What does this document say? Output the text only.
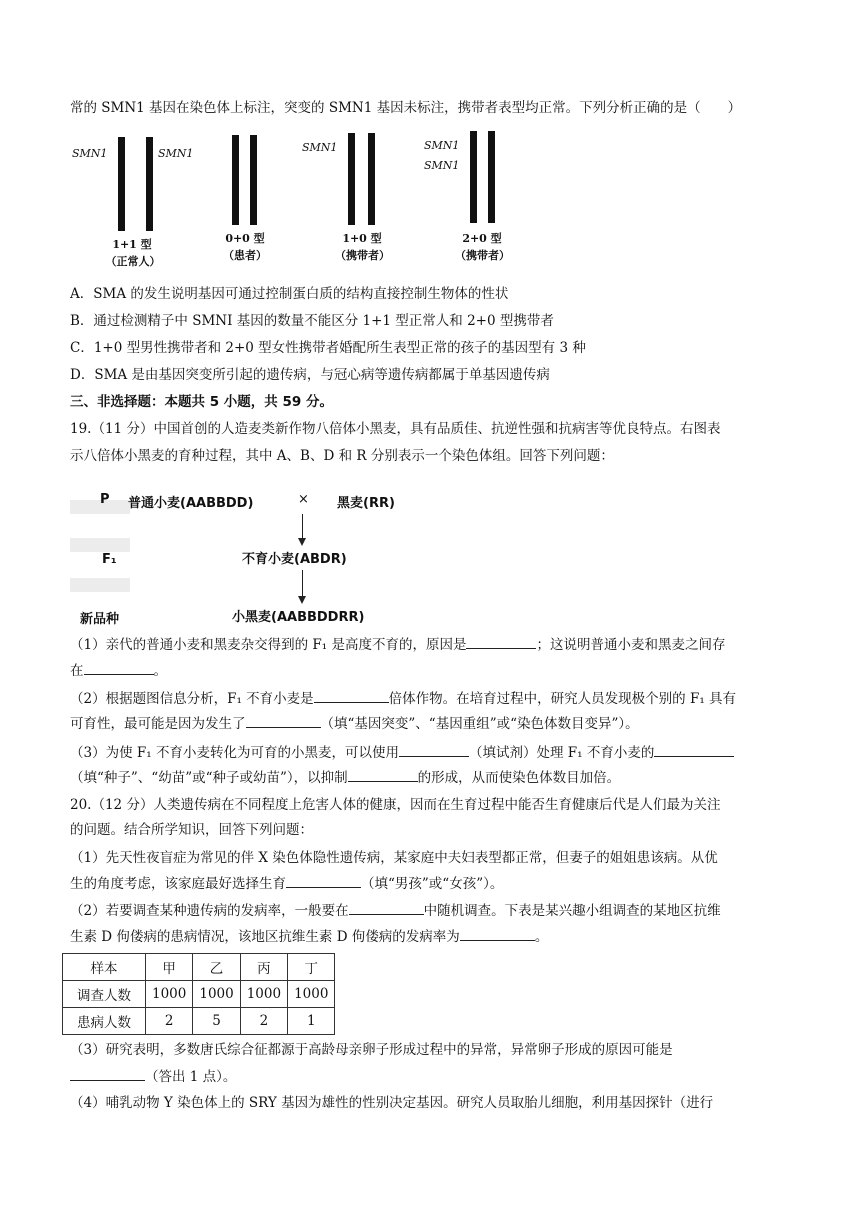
常的 SMN1 基因在染色体上标注，突变的 SMN1 基因未标注，携带者表型均正常。下列分析正确的是（　　）
SMN1	SMN1
1+1 型
（正常人）
0+0 型
（患者）
SMN1
1+0 型
（携带者）
SMN1
SMN1
2+0 型
（携带者）
A．SMA 的发生说明基因可通过控制蛋白质的结构直接控制生物体的性状
B．通过检测精子中 SMNI 基因的数量不能区分 1+1 型正常人和 2+0 型携带者
C．1+0 型男性携带者和 2+0 型女性携带者婚配所生表型正常的孩子的基因型有 3 种
D．SMA 是由基因突变所引起的遗传病，与冠心病等遗传病都属于单基因遗传病
三、非选择题：本题共 5 小题，共 59 分。
19.（11 分）中国首创的人造麦类新作物八倍体小黑麦，具有品质佳、抗逆性强和抗病害等优良特点。右图表
示八倍体小黑麦的育种过程，其中 A、B、D 和 R 分别表示一个染色体组。回答下列问题：
P 普通小麦(AABBDD)	× 黑麦(RR)
F₁	不育小麦(ABDR)
新品种	小黑麦(AABBDDRR)
（1）亲代的普通小麦和黑麦杂交得到的 F₁ 是高度不育的，原因是	；这说明普通小麦和黑麦之间存
在	。
（2）根据题图信息分析，F₁ 不育小麦是	倍体作物。在培育过程中，研究人员发现极个别的 F₁ 具有
可育性，最可能是因为发生了	（填“基因突变”、“基因重组”或“染色体数目变异”）。
（3）为使 F₁ 不育小麦转化为可育的小黑麦，可以使用	（填试剂）处理 F₁ 不育小麦的
（填“种子”、“幼苗”或“种子或幼苗”），以抑制	的形成，从而使染色体数目加倍。
20.（12 分）人类遗传病在不同程度上危害人体的健康，因而在生育过程中能否生育健康后代是人们最为关注
的问题。结合所学知识，回答下列问题：
（1）先天性夜盲症为常见的伴 X 染色体隐性遗传病，某家庭中夫妇表型都正常，但妻子的姐姐患该病。从优
生的角度考虑，该家庭最好选择生育	（填“男孩”或“女孩”）。
（2）若要调查某种遗传病的发病率，一般要在	中随机调查。下表是某兴趣小组调查的某地区抗维
生素 D 佝偻病的患病情况，该地区抗维生素 D 佝偻病的发病率为	。
样本	甲	乙	丙	丁
调查人数	1000	1000	1000	1000
患病人数	2	5	2	1
（3）研究表明，多数唐氏综合征都源于高龄母亲卵子形成过程中的异常，异常卵子形成的原因可能是
（答出 1 点）。
（4）哺乳动物 Y 染色体上的 SRY 基因为雄性的性别决定基因。研究人员取胎儿细胞，利用基因探针（进行
